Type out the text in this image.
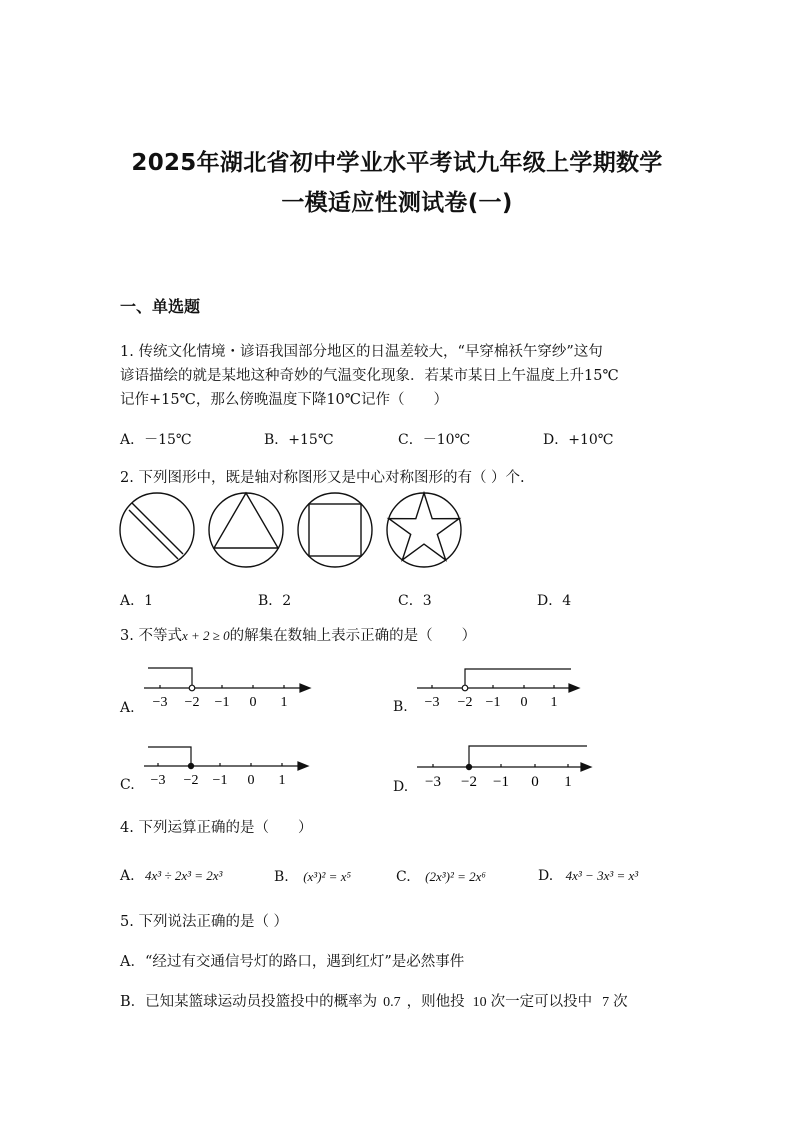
2025年湖北省初中学业水平考试九年级上学期数学
一模适应性测试卷(一)
一、单选题
1. 传统文化情境・谚语我国部分地区的日温差较大，“早穿棉袄午穿纱”这句
谚语描绘的就是某地这种奇妙的气温变化现象．若某市某日上午温度上升15℃
记作+15℃，那么傍晚温度下降10℃记作（　　）
A．－15℃	B．+15℃	C．－10℃	D．+10℃
2. 下列图形中，既是轴对称图形又是中心对称图形的有（ ）个.
A．1	B．2	C．3	D．4
3. 不等式x + 2 ≥ 0的解集在数轴上表示正确的是（　　）
A. −3 −2 −1 0 1	B. −3 −2 −1 0 1
C. −3 −2 −1 0 1	D. −3 −2 −1 0 1
4. 下列运算正确的是（　　）
A. 4x³ ÷ 2x³ = 2x³	B. (x³)² = x⁵	C. (2x³)² = 2x⁶	D. 4x³ − 3x³ = x³
5. 下列说法正确的是（ ）
A．“经过有交通信号灯的路口，遇到红灯”是必然事件
B．已知某篮球运动员投篮投中的概率为 0.7 ，则他投 10 次一定可以投中 7 次
